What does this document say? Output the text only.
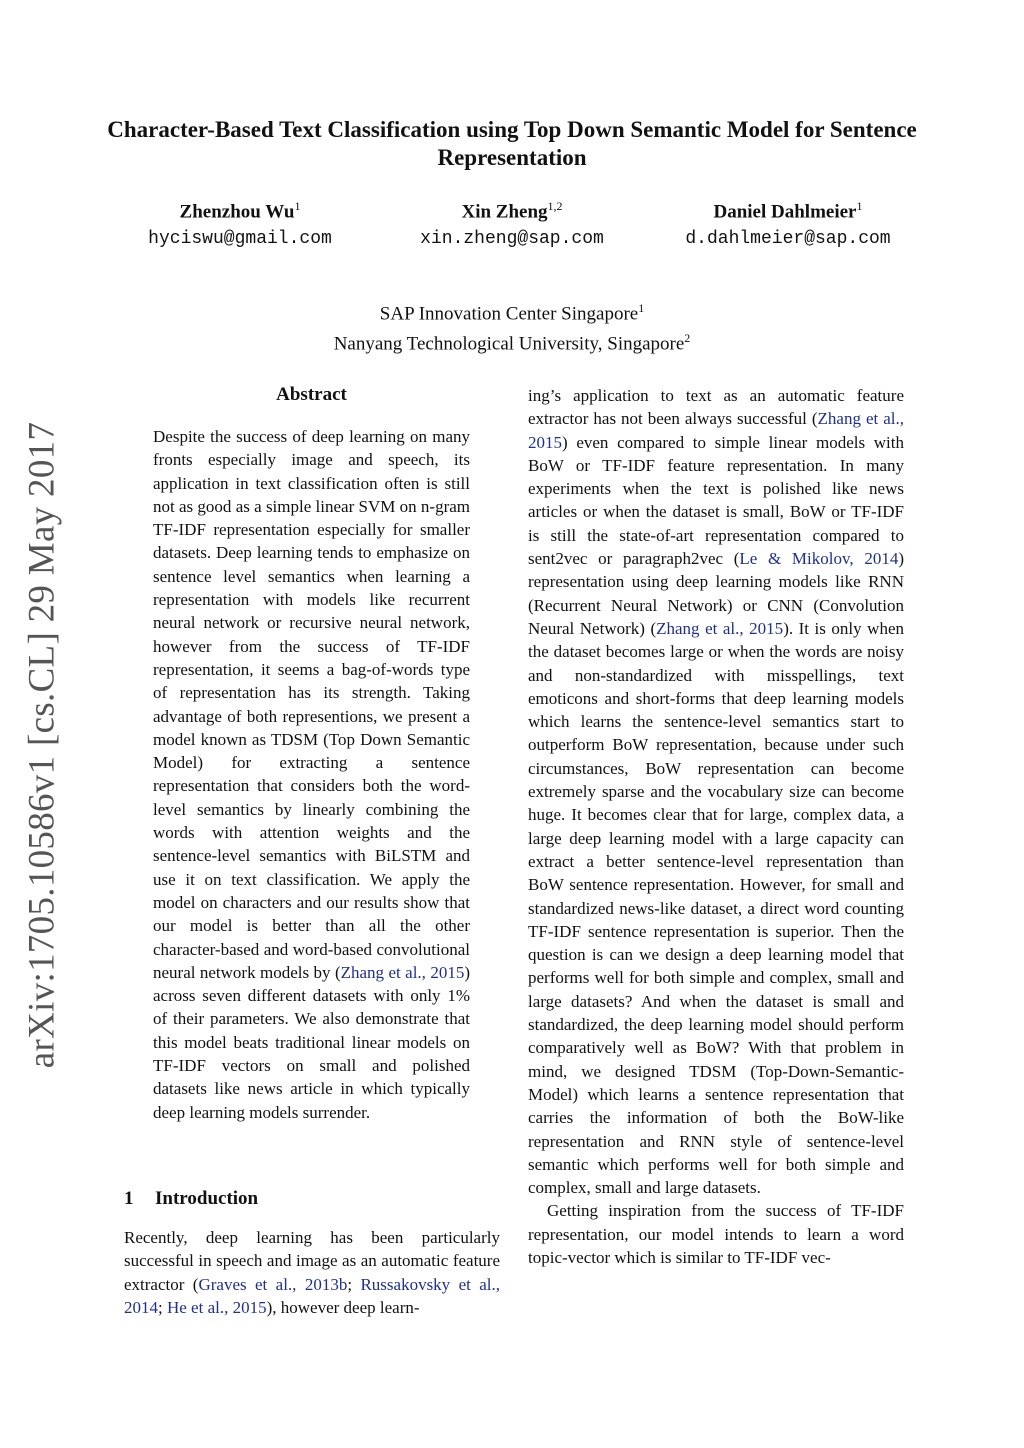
arXiv:1705.10586v1 [cs.CL] 29 May 2017
Character-Based Text Classification using Top Down Semantic Model for Sentence Representation
Zhenzhou Wu$^1$
hyciswu@gmail.com
Xin Zheng$^{1,2}$
xin.zheng@sap.com
Daniel Dahlmeier$^1$
d.dahlmeier@sap.com
SAP Innovation Center Singapore$^1$
Nanyang Technological University, Singapore$^2$
Abstract
Despite the success of deep learning on many fronts especially image and speech, its application in text classification often is still not as good as a simple linear SVM on n-gram TF-IDF representation especially for smaller datasets. Deep learning tends to emphasize on sentence level semantics when learning a representation with models like recurrent neural network or recursive neural network, however from the success of TF-IDF representation, it seems a bag-of-words type of representation has its strength. Taking advantage of both representions, we present a model known as TDSM (Top Down Semantic Model) for extracting a sentence representation that considers both the word-level semantics by linearly combining the words with attention weights and the sentence-level semantics with BiLSTM and use it on text classification. We apply the model on characters and our results show that our model is better than all the other character-based and word-based convolutional neural network models by (Zhang et al., 2015) across seven different datasets with only 1% of their parameters. We also demonstrate that this model beats traditional linear models on TF-IDF vectors on small and polished datasets like news article in which typically deep learning models surrender.
1 Introduction
Recently, deep learning has been particularly successful in speech and image as an automatic feature extractor (Graves et al., 2013b; Russakovsky et al., 2014; He et al., 2015), however deep learn-

ing’s application to text as an automatic feature extractor has not been always successful (Zhang et al., 2015) even compared to simple linear models with BoW or TF-IDF feature representation. In many experiments when the text is polished like news articles or when the dataset is small, BoW or TF-IDF is still the state-of-art representation compared to sent2vec or paragraph2vec (Le & Mikolov, 2014) representation using deep learning models like RNN (Recurrent Neural Network) or CNN (Convolution Neural Network) (Zhang et al., 2015). It is only when the dataset becomes large or when the words are noisy and non-standardized with misspellings, text emoticons and short-forms that deep learning models which learns the sentence-level semantics start to outperform BoW representation, because under such circumstances, BoW representation can become extremely sparse and the vocabulary size can become huge. It becomes clear that for large, complex data, a large deep learning model with a large capacity can extract a better sentence-level representation than BoW sentence representation. However, for small and standardized news-like dataset, a direct word counting TF-IDF sentence representation is superior. Then the question is can we design a deep learning model that performs well for both simple and complex, small and large datasets? And when the dataset is small and standardized, the deep learning model should perform comparatively well as BoW? With that problem in mind, we designed TDSM (Top-Down-Semantic-Model) which learns a sentence representation that carries the information of both the BoW-like representation and RNN style of sentence-level semantic which performs well for both simple and complex, small and large datasets.

Getting inspiration from the success of TF-IDF representation, our model intends to learn a word topic-vector which is similar to TF-IDF vec-
